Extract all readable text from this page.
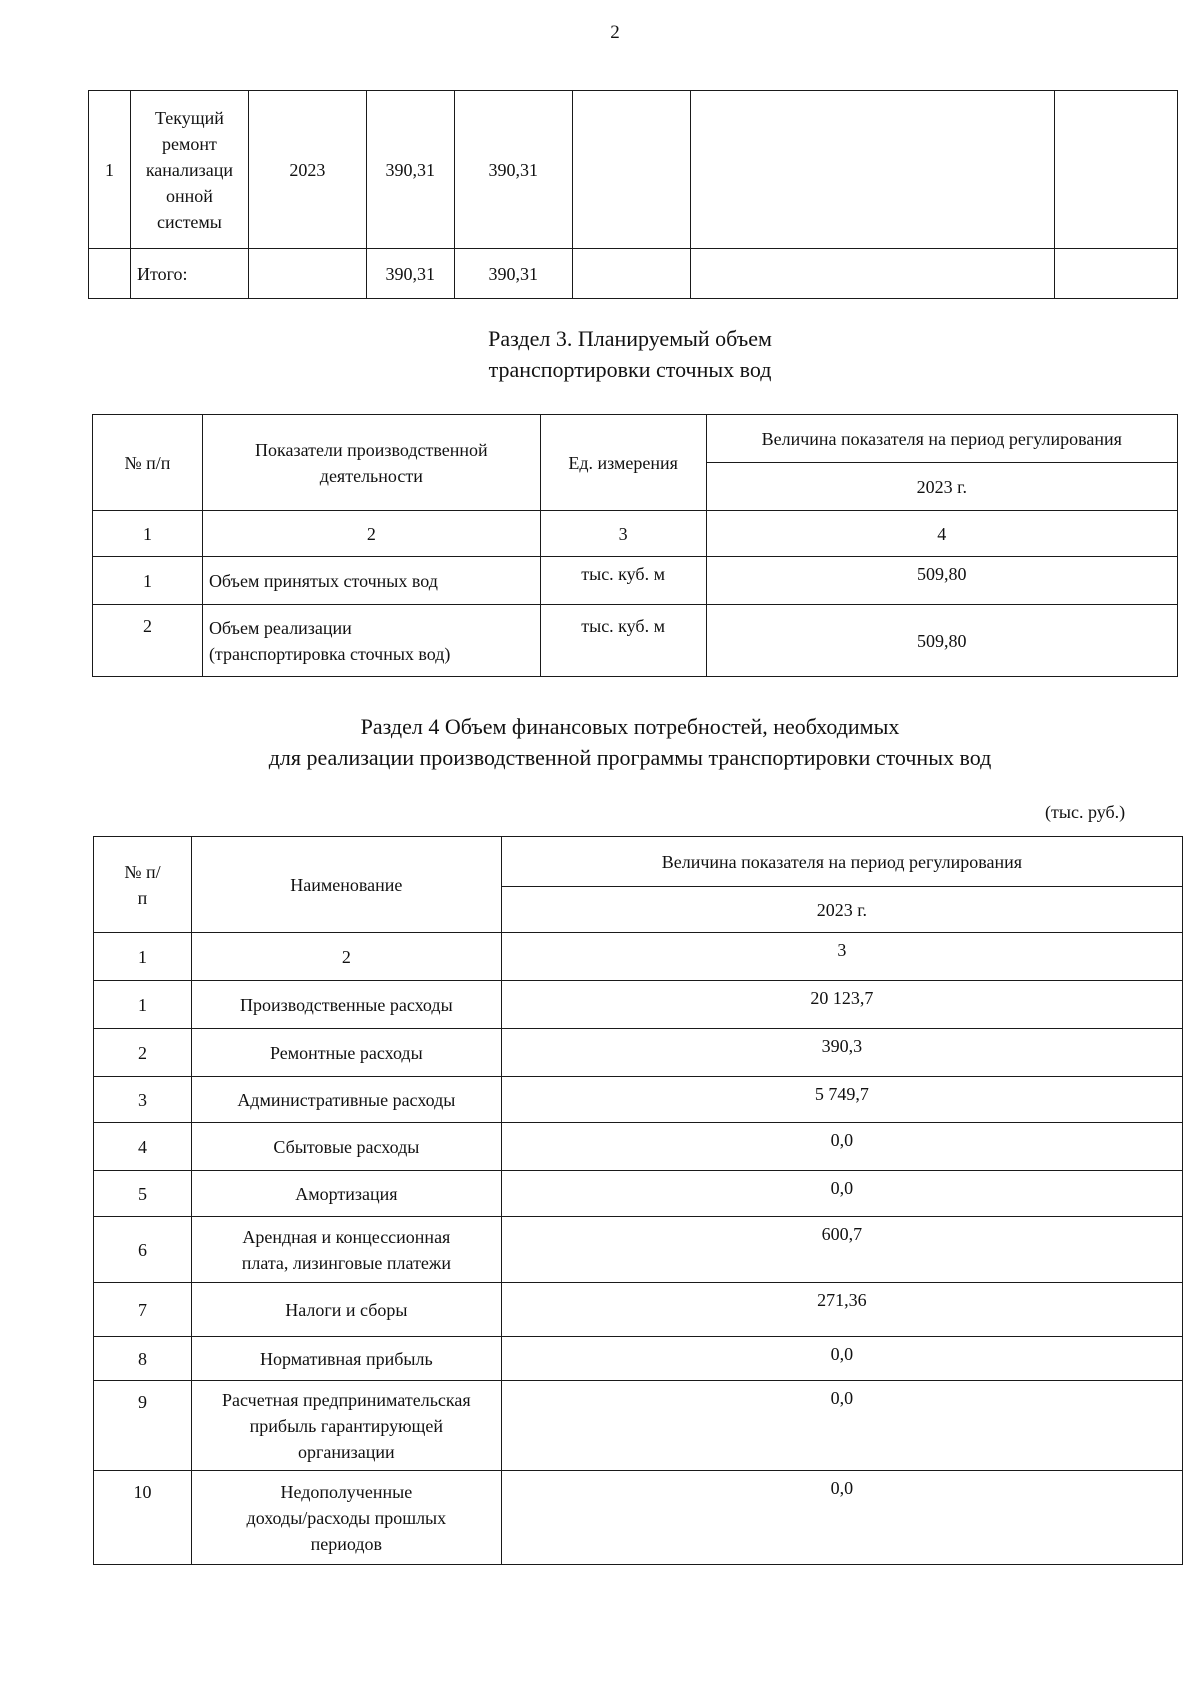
2
1	Текущий
ремонт
канализаци
онной
системы	2023	390,31	390,31			
	Итого:		390,31	390,31			
Раздел 3. Планируемый объем
транспортировки сточных вод
№ п/п	Показатели производственной деятельности	Ед. измерения	Величина показателя на период регулирования
			2023 г.
1	2	3	4
1	Объем принятых сточных вод	тыс. куб. м	509,80
2	Объем реализации
(транспортировка сточных вод)	тыс. куб. м	509,80
Раздел 4 Объем финансовых потребностей, необходимых
для реализации производственной программы транспортировки сточных вод
(тыс. руб.)
№ п/п	Наименование	Величина показателя на период регулирования
		2023 г.
1	2	3
1	Производственные расходы	20 123,7
2	Ремонтные расходы	390,3
3	Административные расходы	5 749,7
4	Сбытовые расходы	0,0
5	Амортизация	0,0
6	Арендная и концессионная
плата, лизинговые платежи	600,7
7	Налоги и сборы	271,36
8	Нормативная прибыль	0,0
9	Расчетная предпринимательская
прибыль гарантирующей
организации	0,0
10	Недополученные
доходы/расходы прошлых
периодов	0,0
